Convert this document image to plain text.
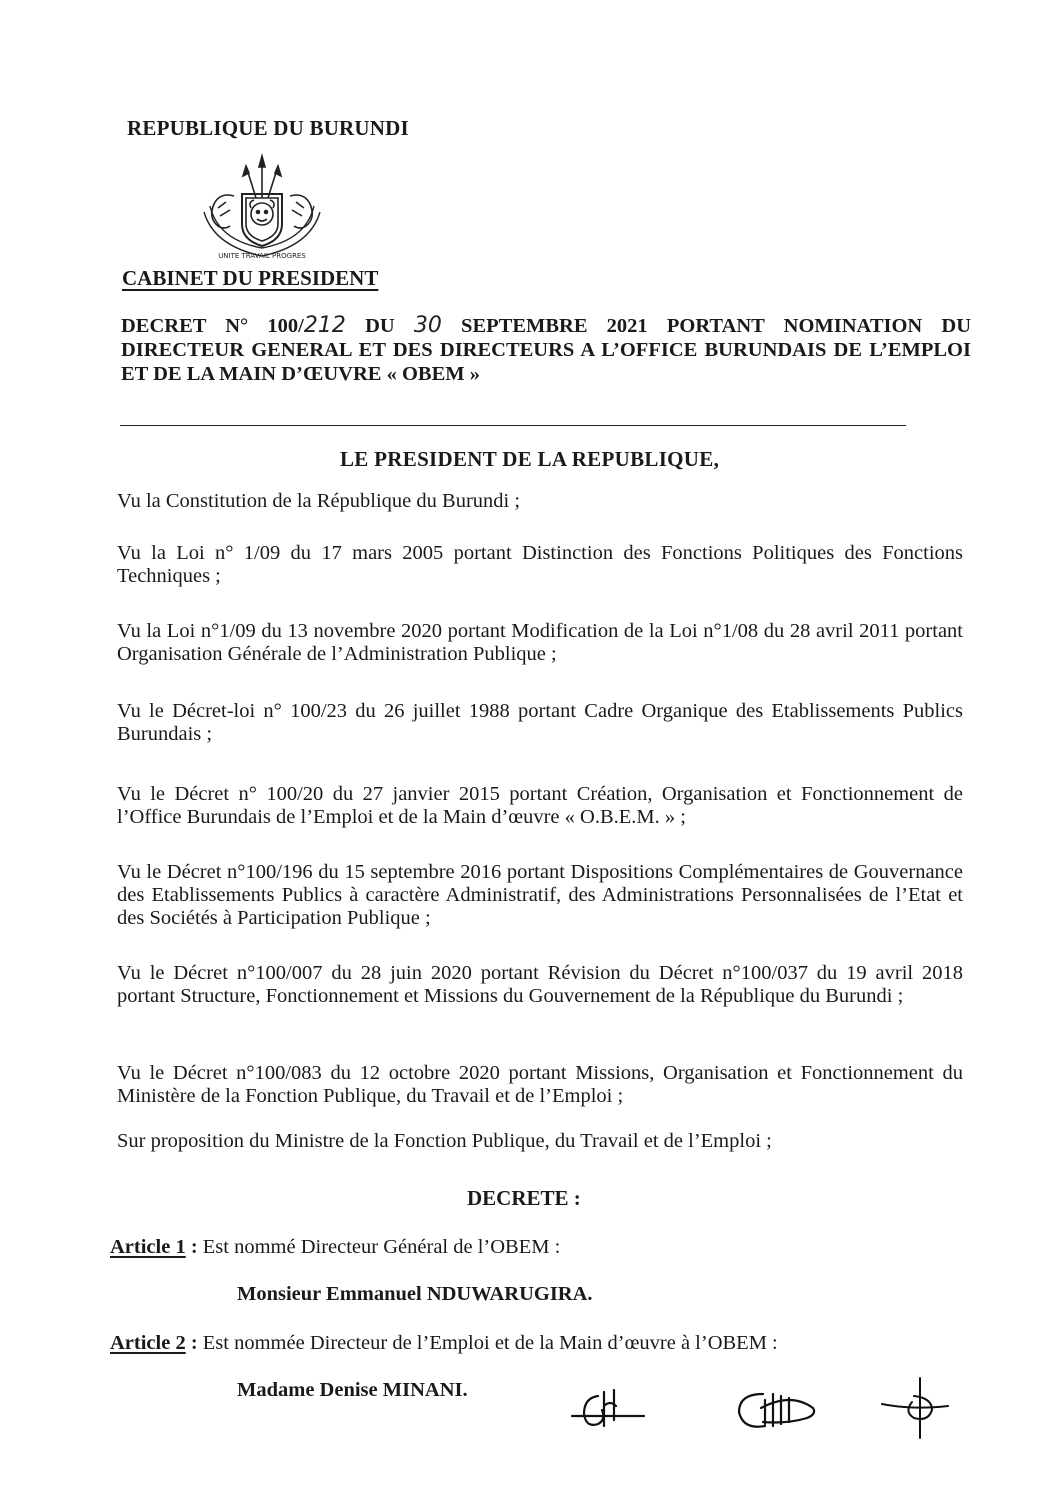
REPUBLIQUE DU BURUNDI
UNITE TRAVAIL PROGRES
CABINET DU PRESIDENT
DECRET N° 100/212 DU 30 SEPTEMBRE 2021 PORTANT NOMINATION DU DIRECTEUR GENERAL ET DES DIRECTEURS A L’OFFICE BURUNDAIS DE L’EMPLOI ET DE LA MAIN D’ŒUVRE « OBEM »
LE PRESIDENT DE LA REPUBLIQUE,
Vu la Constitution de la République du Burundi ;
Vu la Loi n° 1/09 du 17 mars 2005 portant Distinction des Fonctions Politiques des Fonctions Techniques ;
Vu la Loi n°1/09 du 13 novembre 2020 portant Modification de la Loi n°1/08 du 28 avril 2011 portant Organisation Générale de l’Administration Publique ;
Vu le Décret-loi n° 100/23 du 26 juillet 1988 portant Cadre Organique des Etablissements Publics Burundais ;
Vu le Décret n° 100/20 du 27 janvier 2015 portant Création, Organisation et Fonctionnement de l’Office Burundais de l’Emploi et de la Main d’œuvre « O.B.E.M. » ;
Vu le Décret n°100/196 du 15 septembre 2016 portant Dispositions Complémentaires de Gouvernance des Etablissements Publics à caractère Administratif, des Administrations Personnalisées de l’Etat et des Sociétés à Participation Publique ;
Vu le Décret n°100/007 du 28 juin 2020 portant Révision du Décret n°100/037 du 19 avril 2018 portant Structure, Fonctionnement et Missions du Gouvernement de la République du Burundi ;
Vu le Décret n°100/083 du 12 octobre 2020 portant Missions, Organisation et Fonctionnement du Ministère de la Fonction Publique, du Travail et de l’Emploi ;
Sur proposition du Ministre de la Fonction Publique, du Travail et de l’Emploi ;
DECRETE :
Article 1 : Est nommé Directeur Général de l’OBEM :
Monsieur Emmanuel NDUWARUGIRA.
Article 2 : Est nommée Directeur de l’Emploi et de la Main d’œuvre à l’OBEM :
Madame Denise MINANI.
